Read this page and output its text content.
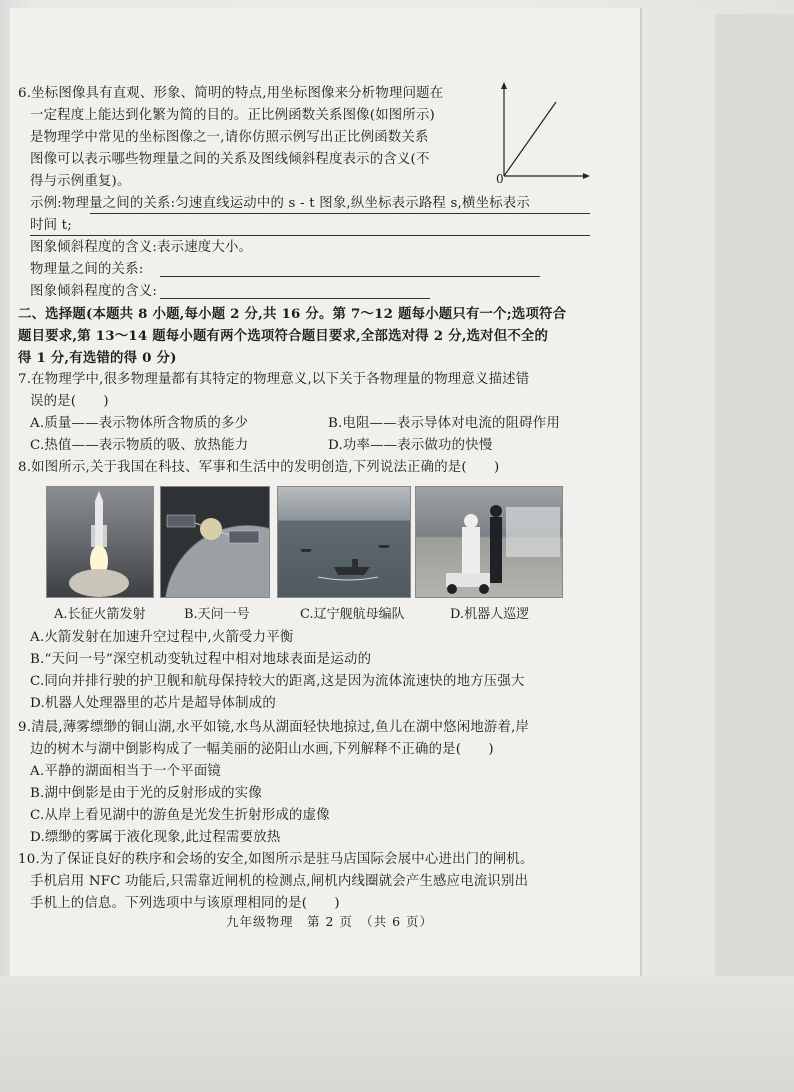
6.坐标图像具有直观、形象、简明的特点,用坐标图像来分析物理问题在
一定程度上能达到化繁为简的目的。正比例函数关系图像(如图所示)
是物理学中常见的坐标图像之一,请你仿照示例写出正比例函数关系
图像可以表示哪些物理量之间的关系及图线倾斜程度表示的含义(不
得与示例重复)。	0
示例:物理量之间的关系:匀速直线运动中的 s - t 图象,纵坐标表示路程 s,横坐标表示
时间 t;
图象倾斜程度的含义:表示速度大小。
物理量之间的关系:
图象倾斜程度的含义:
二、选择题(本题共 8 小题,每小题 2 分,共 16 分。第 7～12 题每小题只有一个;选项符合
题目要求,第 13～14 题每小题有两个选项符合题目要求,全部选对得 2 分,选对但不全的
得 1 分,有选错的得 0 分)
7.在物理学中,很多物理量都有其特定的物理意义,以下关于各物理量的物理意义描述错
误的是(　　)
A.质量——表示物体所含物质的多少	B.电阻——表示导体对电流的阻碍作用
C.热值——表示物质的吸、放热能力	D.功率——表示做功的快慢
8.如图所示,关于我国在科技、军事和生活中的发明创造,下列说法正确的是(　　)
A.长征火箭发射	B.天问一号	C.辽宁舰航母编队	D.机器人巡逻
A.火箭发射在加速升空过程中,火箭受力平衡
B.“天问一号”深空机动变轨过程中相对地球表面是运动的
C.同向并排行驶的护卫舰和航母保持较大的距离,这是因为流体流速快的地方压强大
D.机器人处理器里的芯片是超导体制成的
9.清晨,薄雾缥缈的铜山湖,水平如镜,水鸟从湖面轻快地掠过,鱼儿在湖中悠闲地游着,岸
边的树木与湖中倒影构成了一幅美丽的泌阳山水画,下列解释不正确的是(　　)
A.平静的湖面相当于一个平面镜
B.湖中倒影是由于光的反射形成的实像
C.从岸上看见湖中的游鱼是光发生折射形成的虚像
D.缥缈的雾属于液化现象,此过程需要放热
10.为了保证良好的秩序和会场的安全,如图所示是驻马店国际会展中心进出门的闸机。
手机启用 NFC 功能后,只需靠近闸机的检测点,闸机内线圈就会产生感应电流识别出
手机上的信息。下列选项中与该原理相同的是(　　)
九年级物理　第 2 页　（共 6 页）
